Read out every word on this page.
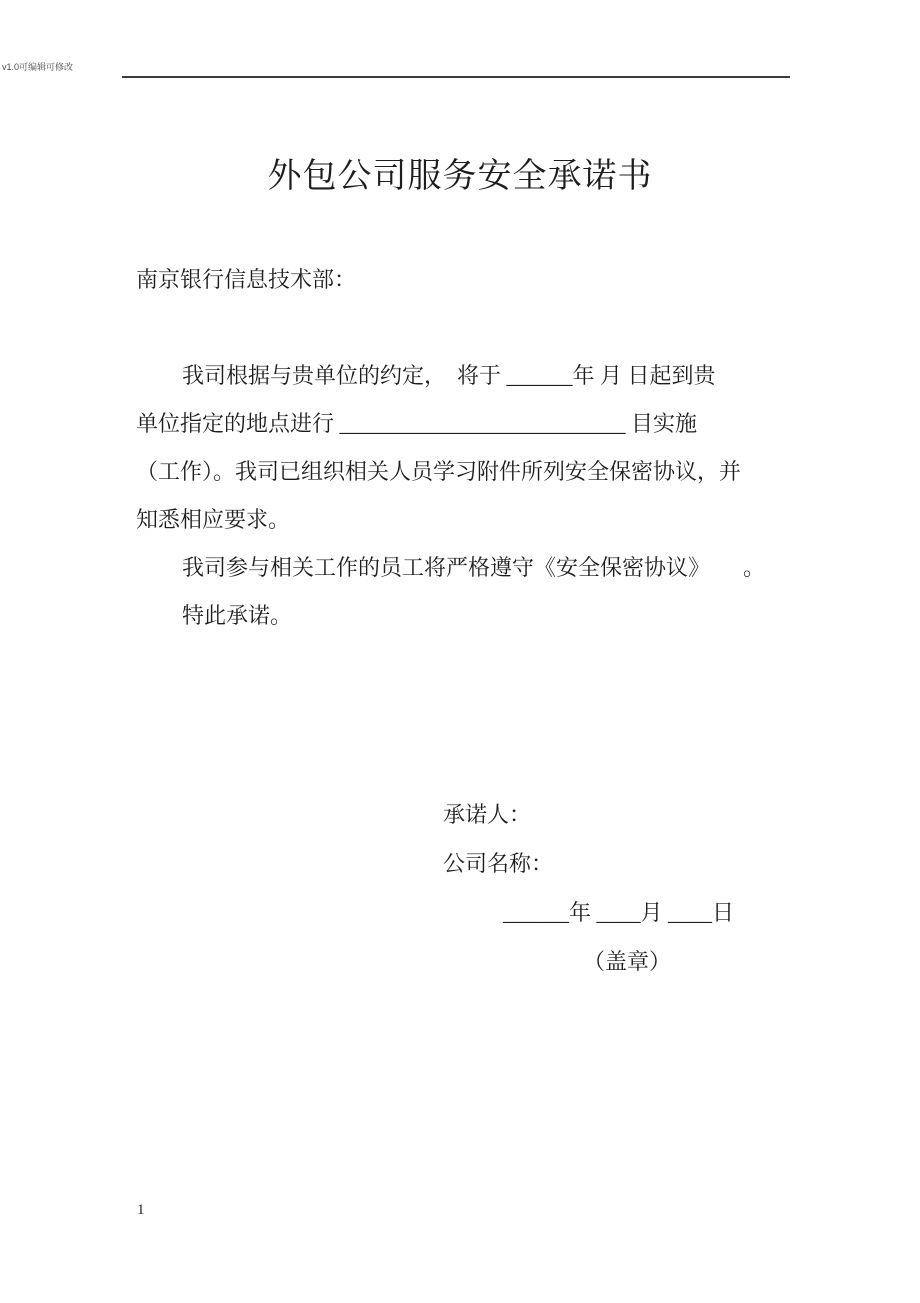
v1.0可编辑可修改
外包公司服务安全承诺书
南京银行信息技术部：
我司根据与贵单位的约定，　将于 ______年 月 日起到贵
单位指定的地点进行 __________________________ 目实施
（工作）。我司已组织相关人员学习附件所列安全保密协议，并
知悉相应要求。
我司参与相关工作的员工将严格遵守《安全保密协议》　　。
特此承诺。
承诺人：
公司名称：
______年 ____月 ____日
（盖章）
1
